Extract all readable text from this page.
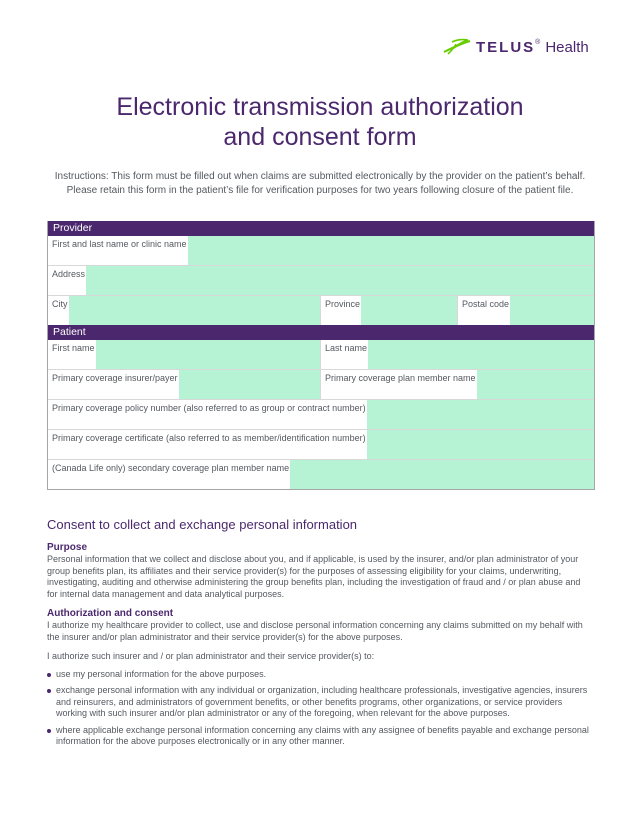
TELUS ® Health
Electronic transmission authorization
and consent form
Instructions: This form must be filled out when claims are submitted electronically by the provider on the patient’s behalf.
Please retain this form in the patient’s file for verification purposes for two years following closure of the patient file.
Provider
First and last name or clinic name
Address
City	Province	Postal code
Patient
First name	Last name
Primary coverage insurer/payer	Primary coverage plan member name
Primary coverage policy number (also referred to as group or contract number)
Primary coverage certificate (also referred to as member/identification number)
(Canada Life only) secondary coverage plan member name
Consent to collect and exchange personal information
Purpose

Personal information that we collect and disclose about you, and if applicable, is used by the insurer, and/or plan administrator of your group benefits plan, its affiliates and their service provider(s) for the purposes of assessing eligibility for your claims, underwriting, investigating, auditing and otherwise administering the group benefits plan, including the investigation of fraud and / or plan abuse and for internal data management and data analytical purposes.

Authorization and consent

I authorize my healthcare provider to collect, use and disclose personal information concerning any claims submitted on my behalf with the insurer and/or plan administrator and their service provider(s) for the above purposes.

I authorize such insurer and / or plan administrator and their service provider(s) to:

use my personal information for the above purposes.
exchange personal information with any individual or organization, including healthcare professionals, investigative agencies, insurers and reinsurers, and administrators of government benefits, or other benefits programs, other organizations, or service providers working with such insurer and/or plan administrator or any of the foregoing, when relevant for the above purposes.
where applicable exchange personal information concerning any claims with any assignee of benefits payable and exchange personal information for the above purposes electronically or in any other manner.
